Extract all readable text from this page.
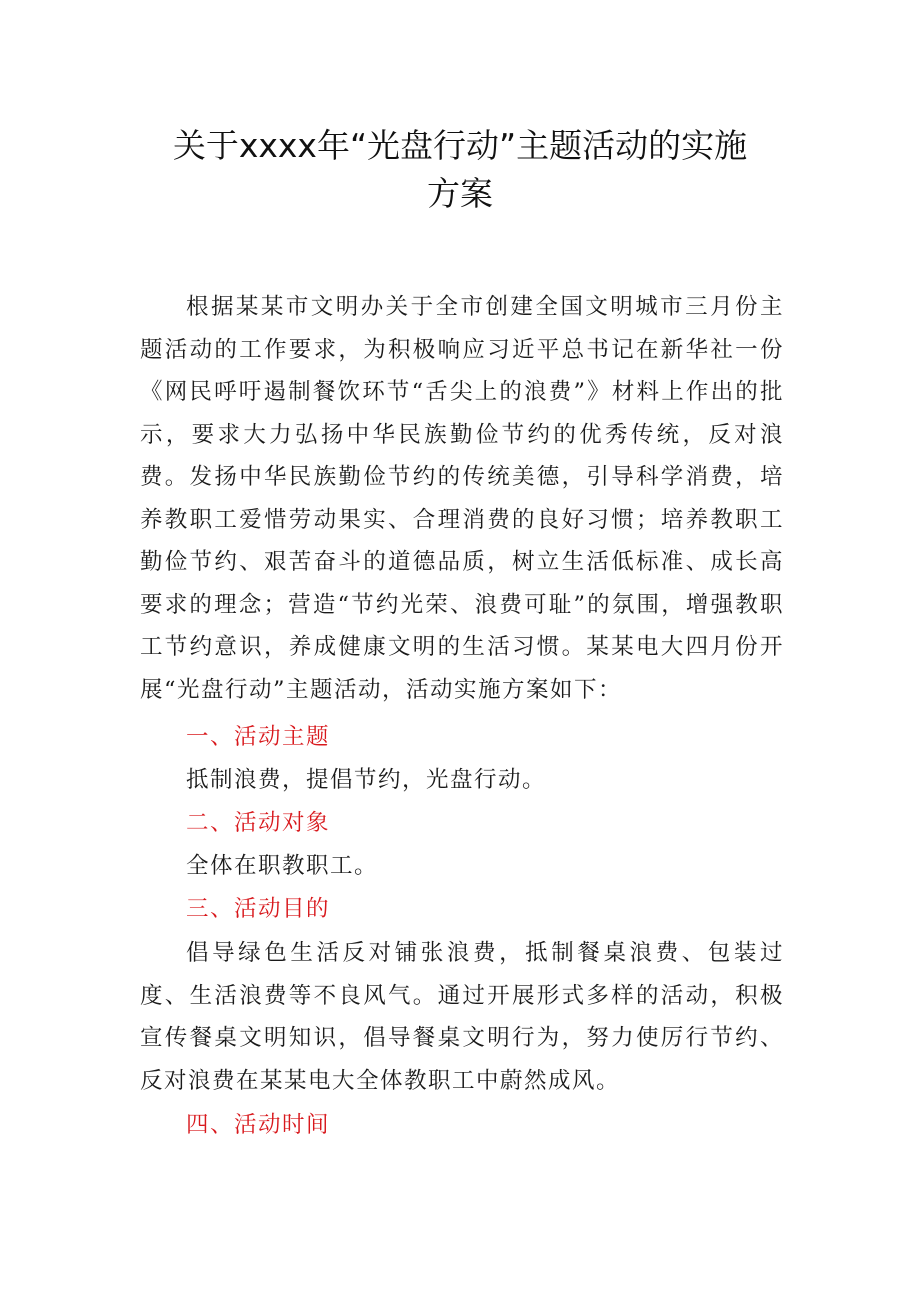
关于xxxx年“光盘行动”主题活动的实施
方案

根据某某市文明办关于全市创建全国文明城市三月份主题活动的工作要求，为积极响应习近平总书记在新华社一份《网民呼吁遏制餐饮环节“舌尖上的浪费”》材料上作出的批示，要求大力弘扬中华民族勤俭节约的优秀传统，反对浪费。发扬中华民族勤俭节约的传统美德，引导科学消费，培养教职工爱惜劳动果实、合理消费的良好习惯；培养教职工勤俭节约、艰苦奋斗的道德品质，树立生活低标准、成长高要求的理念；营造“节约光荣、浪费可耻”的氛围，增强教职工节约意识，养成健康文明的生活习惯。某某电大四月份开展“光盘行动”主题活动，活动实施方案如下：

一、活动主题

抵制浪费，提倡节约，光盘行动。

二、活动对象

全体在职教职工。

三、活动目的

倡导绿色生活反对铺张浪费，抵制餐桌浪费、包装过度、生活浪费等不良风气。通过开展形式多样的活动，积极宣传餐桌文明知识，倡导餐桌文明行为，努力使厉行节约、反对浪费在某某电大全体教职工中蔚然成风。

四、活动时间
